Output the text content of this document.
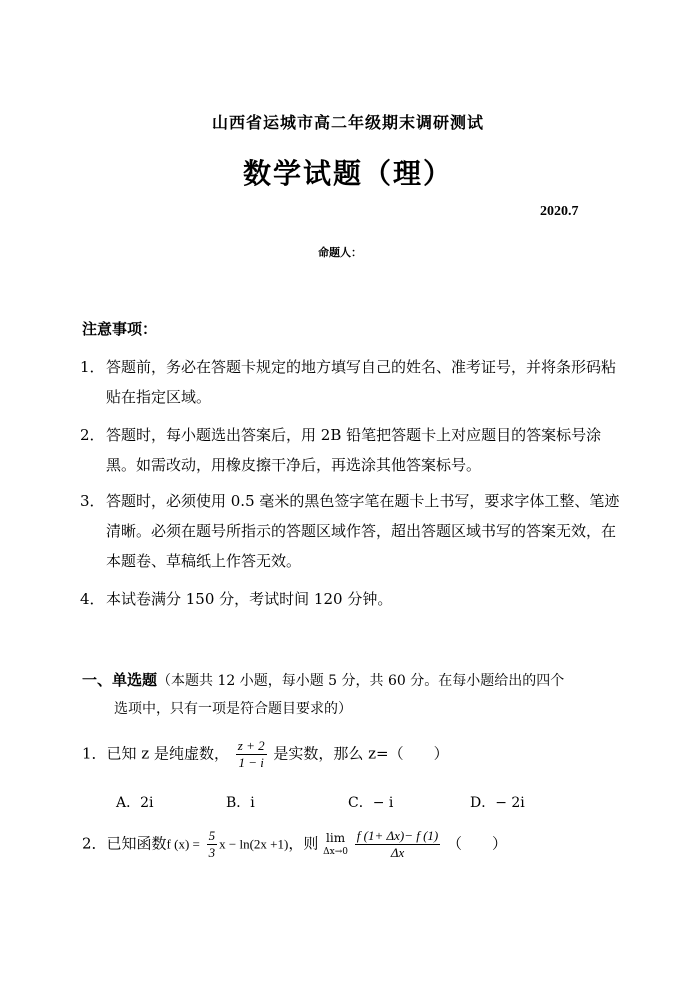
山西省运城市高二年级期末调研测试
数学试题（理）
2020.7
命题人：
注意事项：
1． 答题前，务必在答题卡规定的地方填写自己的姓名、准考证号，并将条形码粘贴在指定区域。
2． 答题时，每小题选出答案后，用 2B 铅笔把答题卡上对应题目的答案标号涂黑。如需改动，用橡皮擦干净后，再选涂其他答案标号。
3． 答题时，必须使用 0.5 毫米的黑色签字笔在题卡上书写，要求字体工整、笔迹清晰。必须在题号所指示的答题区域作答，超出答题区域书写的答案无效，在本题卷、草稿纸上作答无效。
4． 本试卷满分 150 分，考试时间 120 分钟。
一、单选题（本题共 12 小题，每小题 5 分，共 60 分。在每小题给出的四个
选项中，只有一项是符合题目要求的）
1．已知 z 是纯虚数， $\frac{z + 2}{1 - i}$ 是实数，那么 z=（　　）
A．2i	B．i	C．− i	D．− 2i
2．已知函数f $(x) = \frac{5}{3}$ x − ln(2x +1)，则 lim
Δx→0
$\frac{f (1+ \Delta x)- f (1)}{\Delta x}$ （　　）
